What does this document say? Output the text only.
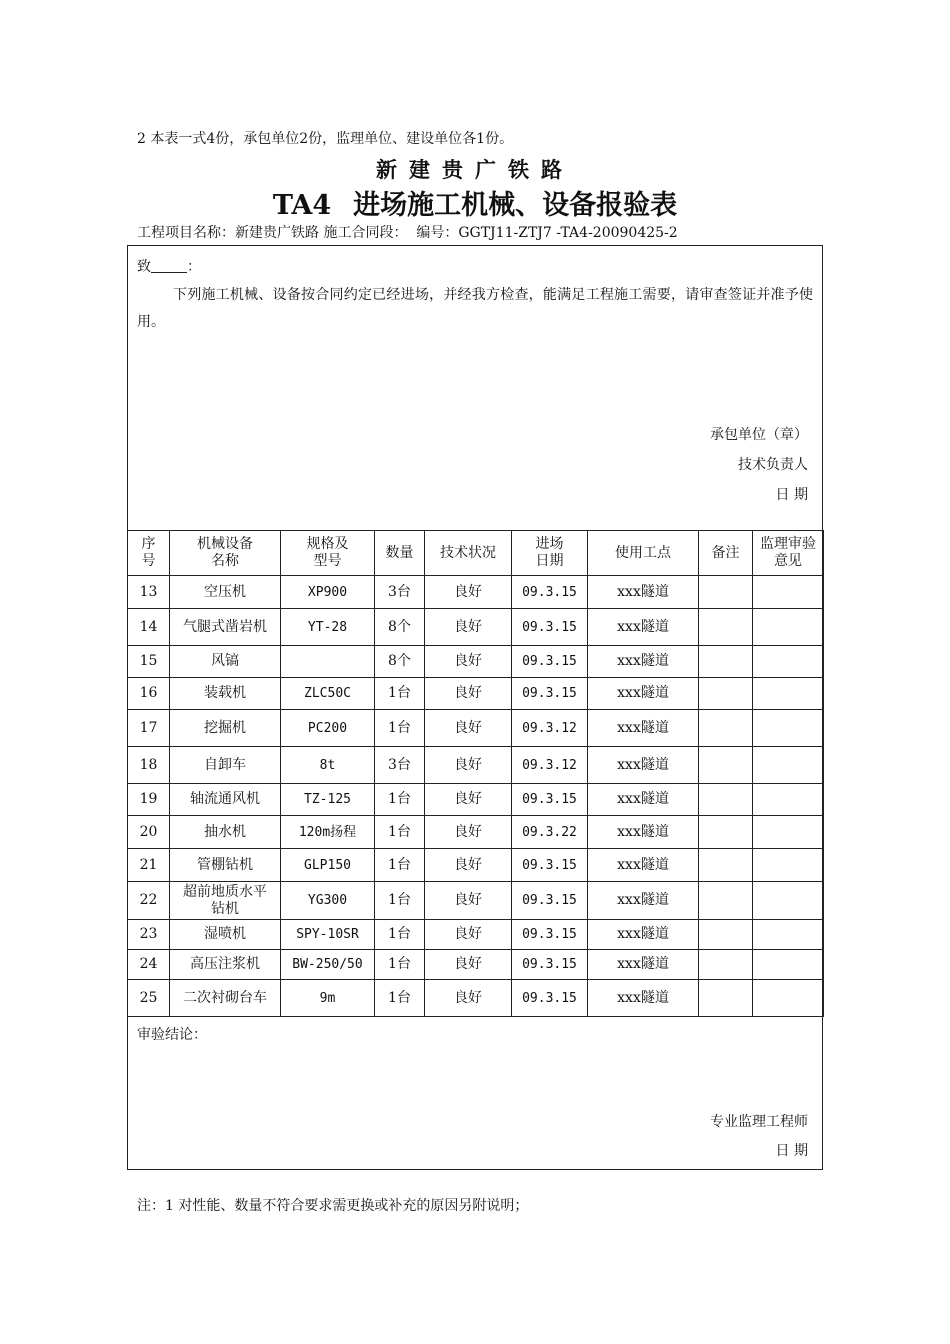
2 本表一式4份，承包单位2份，监理单位、建设单位各1份。
新建贵广铁路
TA4 进场施工机械、设备报验表
工程项目名称：新建贵广铁路 施工合同段：  编号：GGTJ11-ZTJ7 -TA4-20090425-2
致	：
下列施工机械、设备按合同约定已经进场，并经我方检查，能满足工程施工需要，请审查签证并准予使用。
承包单位（章）
技术负责人
日 期
序号	机械设备名称	规格及型号	数量	技术状况	进场日期	使用工点	备注	监理审验意见
13	空压机	XP900	3台	良好	09.3.15	xxx隧道		
14	气腿式凿岩机	YT-28	8个	良好	09.3.15	xxx隧道		
15	风镐		8个	良好	09.3.15	xxx隧道		
16	装载机	ZLC50C	1台	良好	09.3.15	xxx隧道		
17	挖掘机	PC200	1台	良好	09.3.12	xxx隧道		
18	自卸车	8t	3台	良好	09.3.12	xxx隧道		
19	轴流通风机	TZ-125	1台	良好	09.3.15	xxx隧道		
20	抽水机	120m扬程	1台	良好	09.3.22	xxx隧道		
21	管棚钻机	GLP150	1台	良好	09.3.15	xxx隧道		
22	超前地质水平钻机	YG300	1台	良好	09.3.15	xxx隧道		
23	湿喷机	SPY-10SR	1台	良好	09.3.15	xxx隧道		
24	高压注浆机	BW-250/50	1台	良好	09.3.15	xxx隧道		
25	二次衬砌台车	9m	1台	良好	09.3.15	xxx隧道		
审验结论：
专业监理工程师
日 期
注：1 对性能、数量不符合要求需更换或补充的原因另附说明；
